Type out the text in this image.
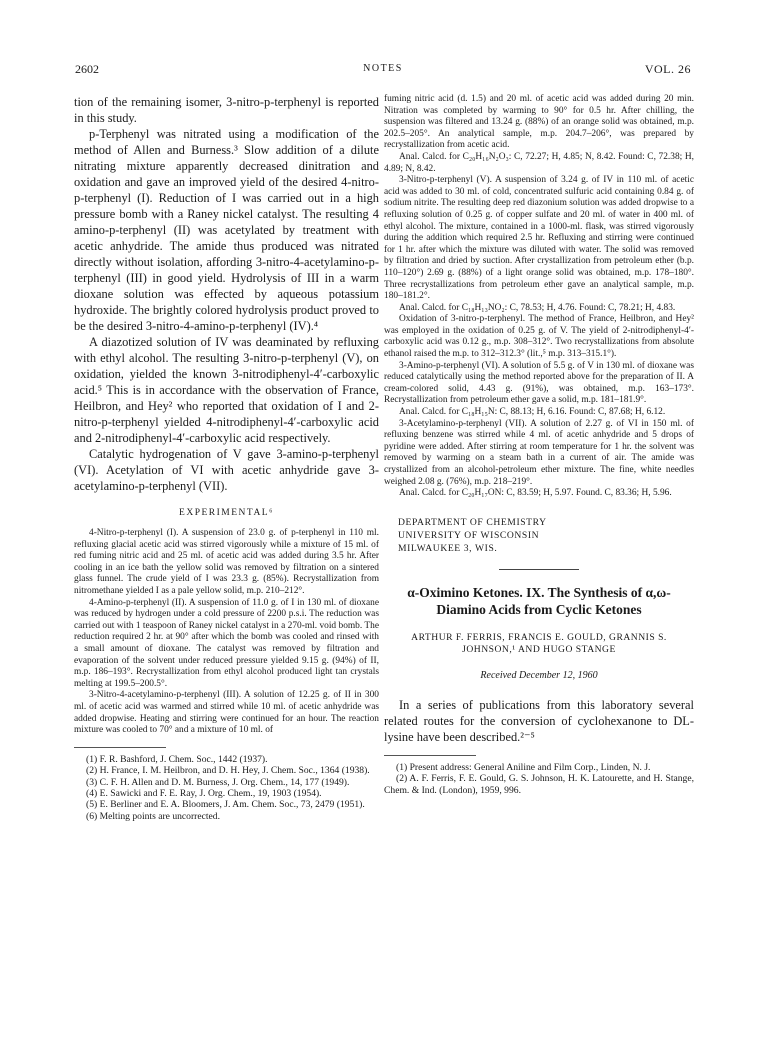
2602	NOTES	VOL. 26

tion of the remaining isomer, 3-nitro-p-terphenyl is reported in this study.

p-Terphenyl was nitrated using a modification of the method of Allen and Burness.³ Slow addition of a dilute nitrating mixture apparently decreased dinitration and oxidation and gave an improved yield of the desired 4-nitro-p-terphenyl (I). Reduction of I was carried out in a high pressure bomb with a Raney nickel catalyst. The resulting 4 amino-p-terphenyl (II) was acetylated by treatment with acetic anhydride. The amide thus produced was nitrated directly without isolation, affording 3-nitro-4-acetylamino-p-terphenyl (III) in good yield. Hydrolysis of III in a warm dioxane solution was effected by aqueous potassium hydroxide. The brightly colored hydrolysis product proved to be the desired 3-nitro-4-amino-p-terphenyl (IV).⁴

A diazotized solution of IV was deaminated by refluxing with ethyl alcohol. The resulting 3-nitro-p-terphenyl (V), on oxidation, yielded the known 3-nitrodiphenyl-4′-carboxylic acid.⁵ This is in accordance with the observation of France, Heilbron, and Hey² who reported that oxidation of I and 2-nitro-p-terphenyl yielded 4-nitrodiphenyl-4′-carboxylic acid and 2-nitrodiphenyl-4′-carboxylic acid respectively.

Catalytic hydrogenation of V gave 3-amino-p-terphenyl (VI). Acetylation of VI with acetic anhydride gave 3-acetylamino-p-terphenyl (VII).

EXPERIMENTAL⁶

4-Nitro-p-terphenyl (I). A suspension of 23.0 g. of p-terphenyl in 110 ml. refluxing glacial acetic acid was stirred vigorously while a mixture of 15 ml. of red fuming nitric acid and 25 ml. of acetic acid was added during 3.5 hr. After cooling in an ice bath the yellow solid was removed by filtration on a sintered glass funnel. The crude yield of I was 23.3 g. (85%). Recrystallization from nitromethane yielded I as a pale yellow solid, m.p. 210–212°.

4-Amino-p-terphenyl (II). A suspension of 11.0 g. of I in 130 ml. of dioxane was reduced by hydrogen under a cold pressure of 2200 p.s.i. The reduction was carried out with 1 teaspoon of Raney nickel catalyst in a 270-ml. void bomb. The reduction required 2 hr. at 90° after which the bomb was cooled and rinsed with a small amount of dioxane. The catalyst was removed by filtration and evaporation of the solvent under reduced pressure yielded 9.15 g. (94%) of II, m.p. 186–193°. Recrystallization from ethyl alcohol produced light tan crystals melting at 199.5–200.5°.

3-Nitro-4-acetylamino-p-terphenyl (III). A solution of 12.25 g. of II in 300 ml. of acetic acid was warmed and stirred while 10 ml. of acetic anhydride was added dropwise. Heating and stirring were continued for an hour. The reaction mixture was cooled to 70° and a mixture of 10 ml. of

(1) F. R. Bashford, J. Chem. Soc., 1442 (1937).

(2) H. France, I. M. Heilbron, and D. H. Hey, J. Chem. Soc., 1364 (1938).

(3) C. F. H. Allen and D. M. Burness, J. Org. Chem., 14, 177 (1949).

(4) E. Sawicki and F. E. Ray, J. Org. Chem., 19, 1903 (1954).

(5) E. Berliner and E. A. Bloomers, J. Am. Chem. Soc., 73, 2479 (1951).

(6) Melting points are uncorrected.

fuming nitric acid (d. 1.5) and 20 ml. of acetic acid was added during 20 min. Nitration was completed by warming to 90° for 0.5 hr. After chilling, the suspension was filtered and 13.24 g. (88%) of an orange solid was obtained, m.p. 202.5–205°. An analytical sample, m.p. 204.7–206°, was prepared by recrystallization from acetic acid.

Anal. Calcd. for C₂₀H₁₆N₂O₃: C, 72.27; H, 4.85; N, 8.42. Found: C, 72.38; H, 4.89; N, 8.42.

3-Nitro-p-terphenyl (V). A suspension of 3.24 g. of IV in 110 ml. of acetic acid was added to 30 ml. of cold, concentrated sulfuric acid containing 0.84 g. of sodium nitrite. The resulting deep red diazonium solution was added dropwise to a refluxing solution of 0.25 g. of copper sulfate and 20 ml. of water in 400 ml. of ethyl alcohol. The mixture, contained in a 1000-ml. flask, was stirred vigorously during the addition which required 2.5 hr. Refluxing and stirring were continued for 1 hr. after which the mixture was diluted with water. The solid was removed by filtration and dried by suction. After crystallization from petroleum ether (b.p. 110–120°) 2.69 g. (88%) of a light orange solid was obtained, m.p. 178–180°. Three recrystallizations from petroleum ether gave an analytical sample, m.p. 180–181.2°.

Anal. Calcd. for C₁₈H₁₃NO₂: C, 78.53; H, 4.76. Found: C, 78.21; H, 4.83.

Oxidation of 3-nitro-p-terphenyl. The method of France, Heilbron, and Hey² was employed in the oxidation of 0.25 g. of V. The yield of 2-nitrodiphenyl-4′-carboxylic acid was 0.12 g., m.p. 308–312°. Two recrystallizations from absolute ethanol raised the m.p. to 312–312.3° (lit.,⁵ m.p. 313–315.1°).

3-Amino-p-terphenyl (VI). A solution of 5.5 g. of V in 130 ml. of dioxane was reduced catalytically using the method reported above for the preparation of II. A cream-colored solid, 4.43 g. (91%), was obtained, m.p. 163–173°. Recrystallization from petroleum ether gave a solid, m.p. 181–181.9°.

Anal. Calcd. for C₁₈H₁₅N: C, 88.13; H, 6.16. Found: C, 87.68; H, 6.12.

3-Acetylamino-p-terphenyl (VII). A solution of 2.27 g. of VI in 150 ml. of refluxing benzene was stirred while 4 ml. of acetic anhydride and 5 drops of pyridine were added. After stirring at room temperature for 1 hr. the solvent was removed by warming on a steam bath in a current of air. The amide was crystallized from an alcohol-petroleum ether mixture. The fine, white needles weighed 2.08 g. (76%), m.p. 218–219°.

Anal. Calcd. for C₂₀H₁₇ON: C, 83.59; H, 5.97. Found. C, 83.36; H, 5.96.

DEPARTMENT OF CHEMISTRY
UNIVERSITY OF WISCONSIN
MILWAUKEE 3, WIS.
α-Oximino Ketones. IX. The Synthesis of α,ω-Diamino Acids from Cyclic Ketones
ARTHUR F. FERRIS, FRANCIS E. GOULD, GRANNIS S. JOHNSON,¹ AND HUGO STANGE
Received December 12, 1960

In a series of publications from this laboratory several related routes for the conversion of cyclohexanone to DL-lysine have been described.²⁻⁵

(1) Present address: General Aniline and Film Corp., Linden, N. J.

(2) A. F. Ferris, F. E. Gould, G. S. Johnson, H. K. Latourette, and H. Stange, Chem. & Ind. (London), 1959, 996.
